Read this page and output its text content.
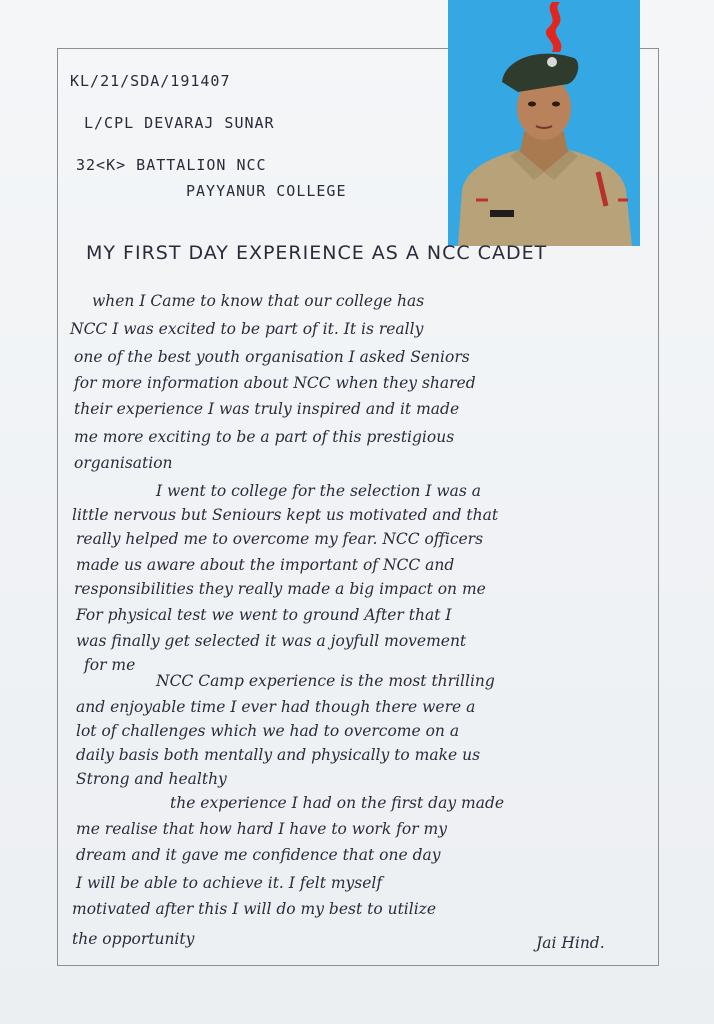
KL/21/SDA/191407
L/CPL DEVARAJ SUNAR
32<K> BATTALION NCC
PAYYANUR COLLEGE
MY FIRST DAY EXPERIENCE AS A NCC CADET
when I Came to know that our college has
NCC I was excited to be part of it. It is really
one of the best youth organisation I asked Seniors
for more information about NCC when they shared
their experience I was truly inspired and it made
me more exciting to be a part of this prestigious
organisation
I went to college for the selection I was a
little nervous but Seniours kept us motivated and that
really helped me to overcome my fear. NCC officers
made us aware about the important of NCC and
responsibilities they really made a big impact on me
For physical test we went to ground After that I
was finally get selected it was a joyfull movement
for me
NCC Camp experience is the most thrilling
and enjoyable time I ever had though there were a
lot of challenges which we had to overcome on a
daily basis both mentally and physically to make us
Strong and healthy
the experience I had on the first day made
me realise that how hard I have to work for my
dream and it gave me confidence that one day
I will be able to achieve it. I felt myself
motivated after this I will do my best to utilize
the opportunity	Jai Hind.
